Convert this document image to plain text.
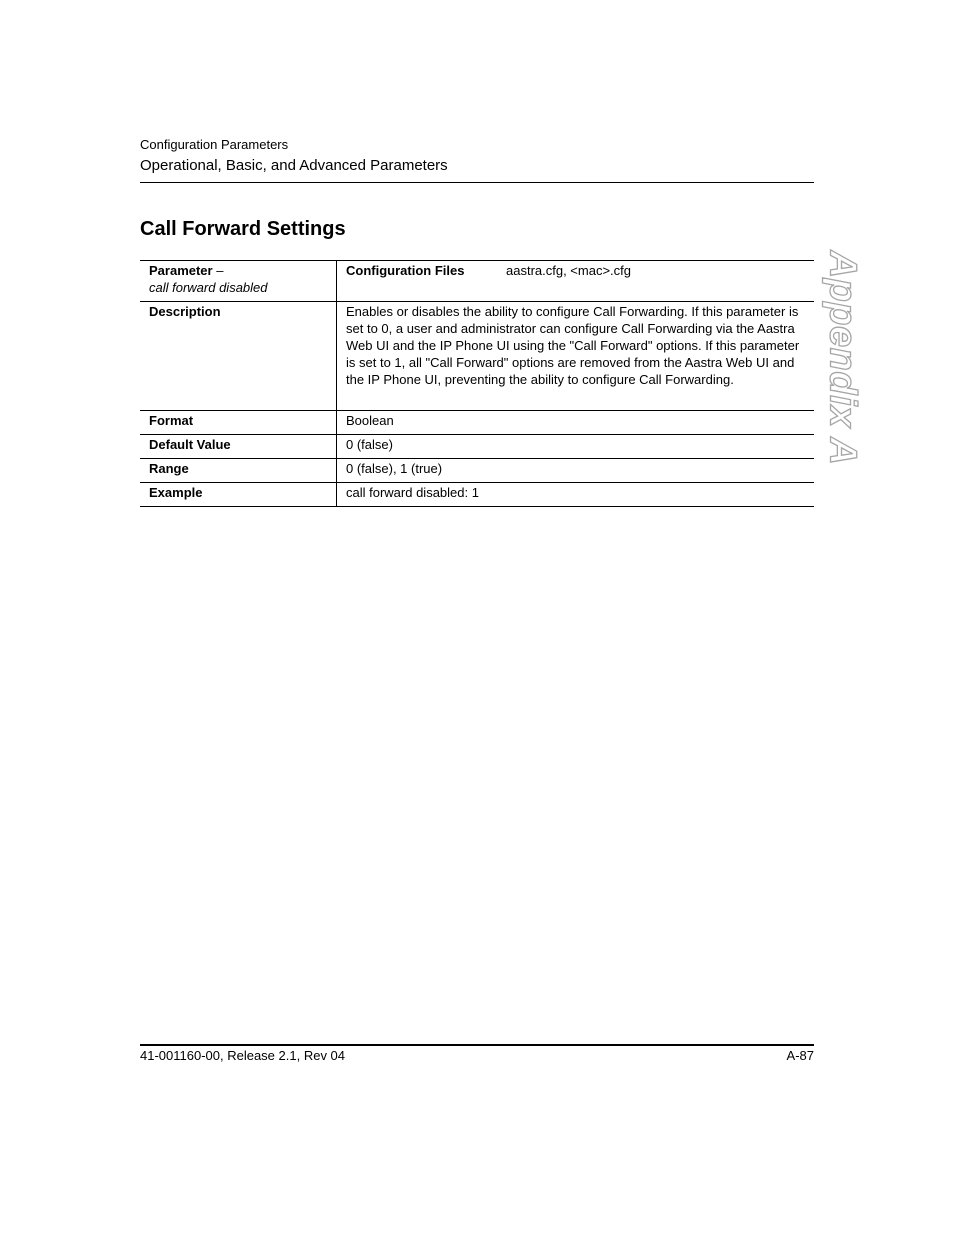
Configuration Parameters
Operational, Basic, and Advanced Parameters
Call Forward Settings
Appendix A
Parameter –
call forward disabled	Configuration Files aastra.cfg, <mac>.cfg
Description	Enables or disables the ability to configure Call Forwarding. If this parameter is set to 0, a user and administrator can configure Call Forwarding via the Aastra Web UI and the IP Phone UI using the "Call Forward" options. If this parameter is set to 1, all "Call Forward" options are removed from the Aastra Web UI and the IP Phone UI, preventing the ability to configure Call Forwarding.
Format	Boolean
Default Value	0 (false)
Range	0 (false), 1 (true)
Example	call forward disabled: 1
41-001160-00, Release 2.1, Rev 04	A-87
